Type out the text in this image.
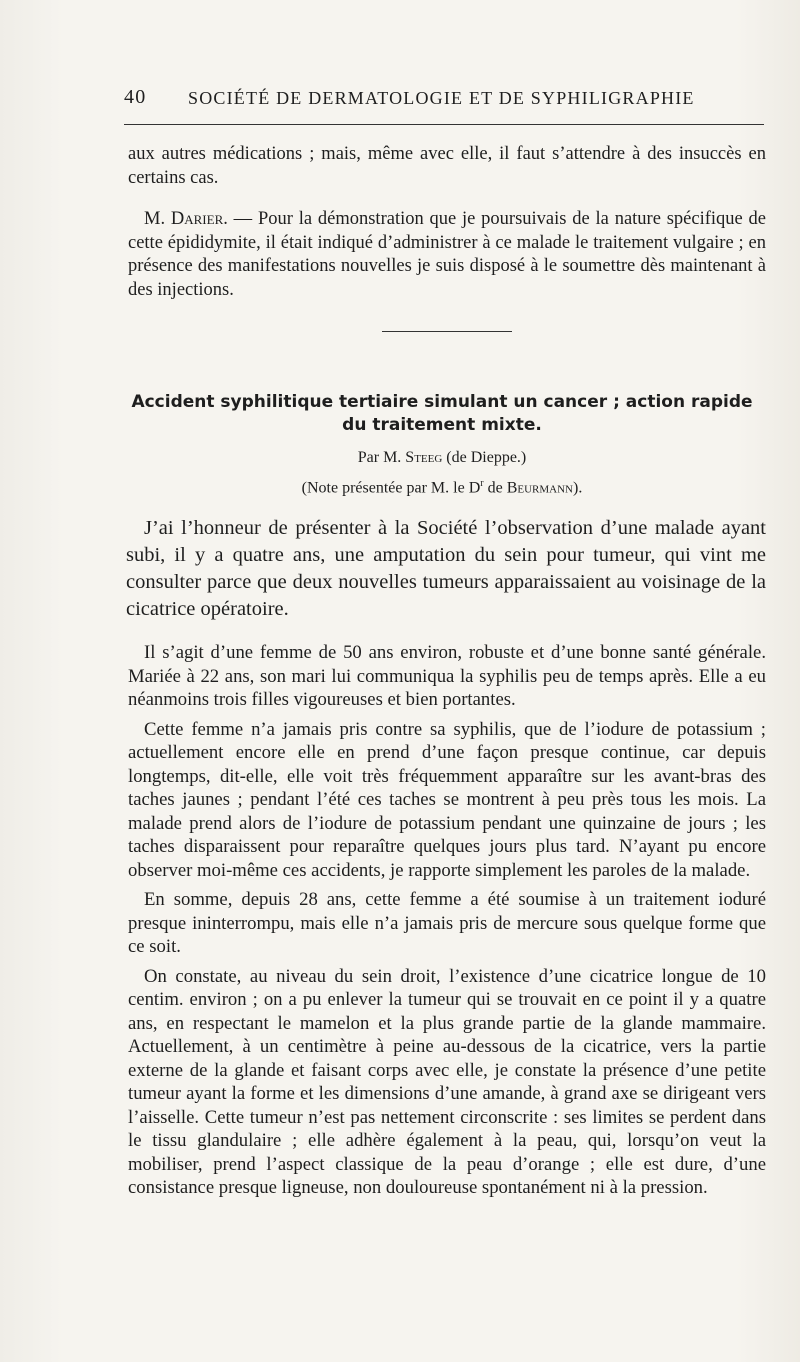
40 SOCIÉTÉ DE DERMATOLOGIE ET DE SYPHILIGRAPHIE

aux autres médications ; mais, même avec elle, il faut s’attendre à des insuccès en certains cas.

M. Darier. — Pour la démonstration que je poursuivais de la nature spécifique de cette épididymite, il était indiqué d’administrer à ce malade le traitement vulgaire ; en présence des manifestations nouvelles je suis disposé à le soumettre dès maintenant à des injections.

Accident syphilitique tertiaire simulant un cancer ; action rapide du traitement mixte.

Par M. Steeg (de Dieppe.)

(Note présentée par M. le $D^r$ de Beurmann).

J’ai l’honneur de présenter à la Société l’observation d’une malade ayant subi, il y a quatre ans, une amputation du sein pour tumeur, qui vint me consulter parce que deux nouvelles tumeurs apparaissaient au voisinage de la cicatrice opératoire.

Il s’agit d’une femme de 50 ans environ, robuste et d’une bonne santé générale. Mariée à 22 ans, son mari lui communiqua la syphilis peu de temps après. Elle a eu néanmoins trois filles vigoureuses et bien portantes.

Cette femme n’a jamais pris contre sa syphilis, que de l’iodure de potassium ; actuellement encore elle en prend d’une façon presque continue, car depuis longtemps, dit-elle, elle voit très fréquemment apparaître sur les avant-bras des taches jaunes ; pendant l’été ces taches se montrent à peu près tous les mois. La malade prend alors de l’iodure de potassium pendant une quinzaine de jours ; les taches disparaissent pour reparaître quelques jours plus tard. N’ayant pu encore observer moi-même ces accidents, je rapporte simplement les paroles de la malade.

En somme, depuis 28 ans, cette femme a été soumise à un traitement ioduré presque ininterrompu, mais elle n’a jamais pris de mercure sous quelque forme que ce soit.

On constate, au niveau du sein droit, l’existence d’une cicatrice longue de 10 centim. environ ; on a pu enlever la tumeur qui se trouvait en ce point il y a quatre ans, en respectant le mamelon et la plus grande partie de la glande mammaire. Actuellement, à un centimètre à peine au-dessous de la cicatrice, vers la partie externe de la glande et faisant corps avec elle, je constate la présence d’une petite tumeur ayant la forme et les dimensions d’une amande, à grand axe se dirigeant vers l’aisselle. Cette tumeur n’est pas nettement circonscrite : ses limites se perdent dans le tissu glandulaire ; elle adhère également à la peau, qui, lorsqu’on veut la mobiliser, prend l’aspect classique de la peau d’orange ; elle est dure, d’une consistance presque ligneuse, non douloureuse spontanément ni à la pression.
